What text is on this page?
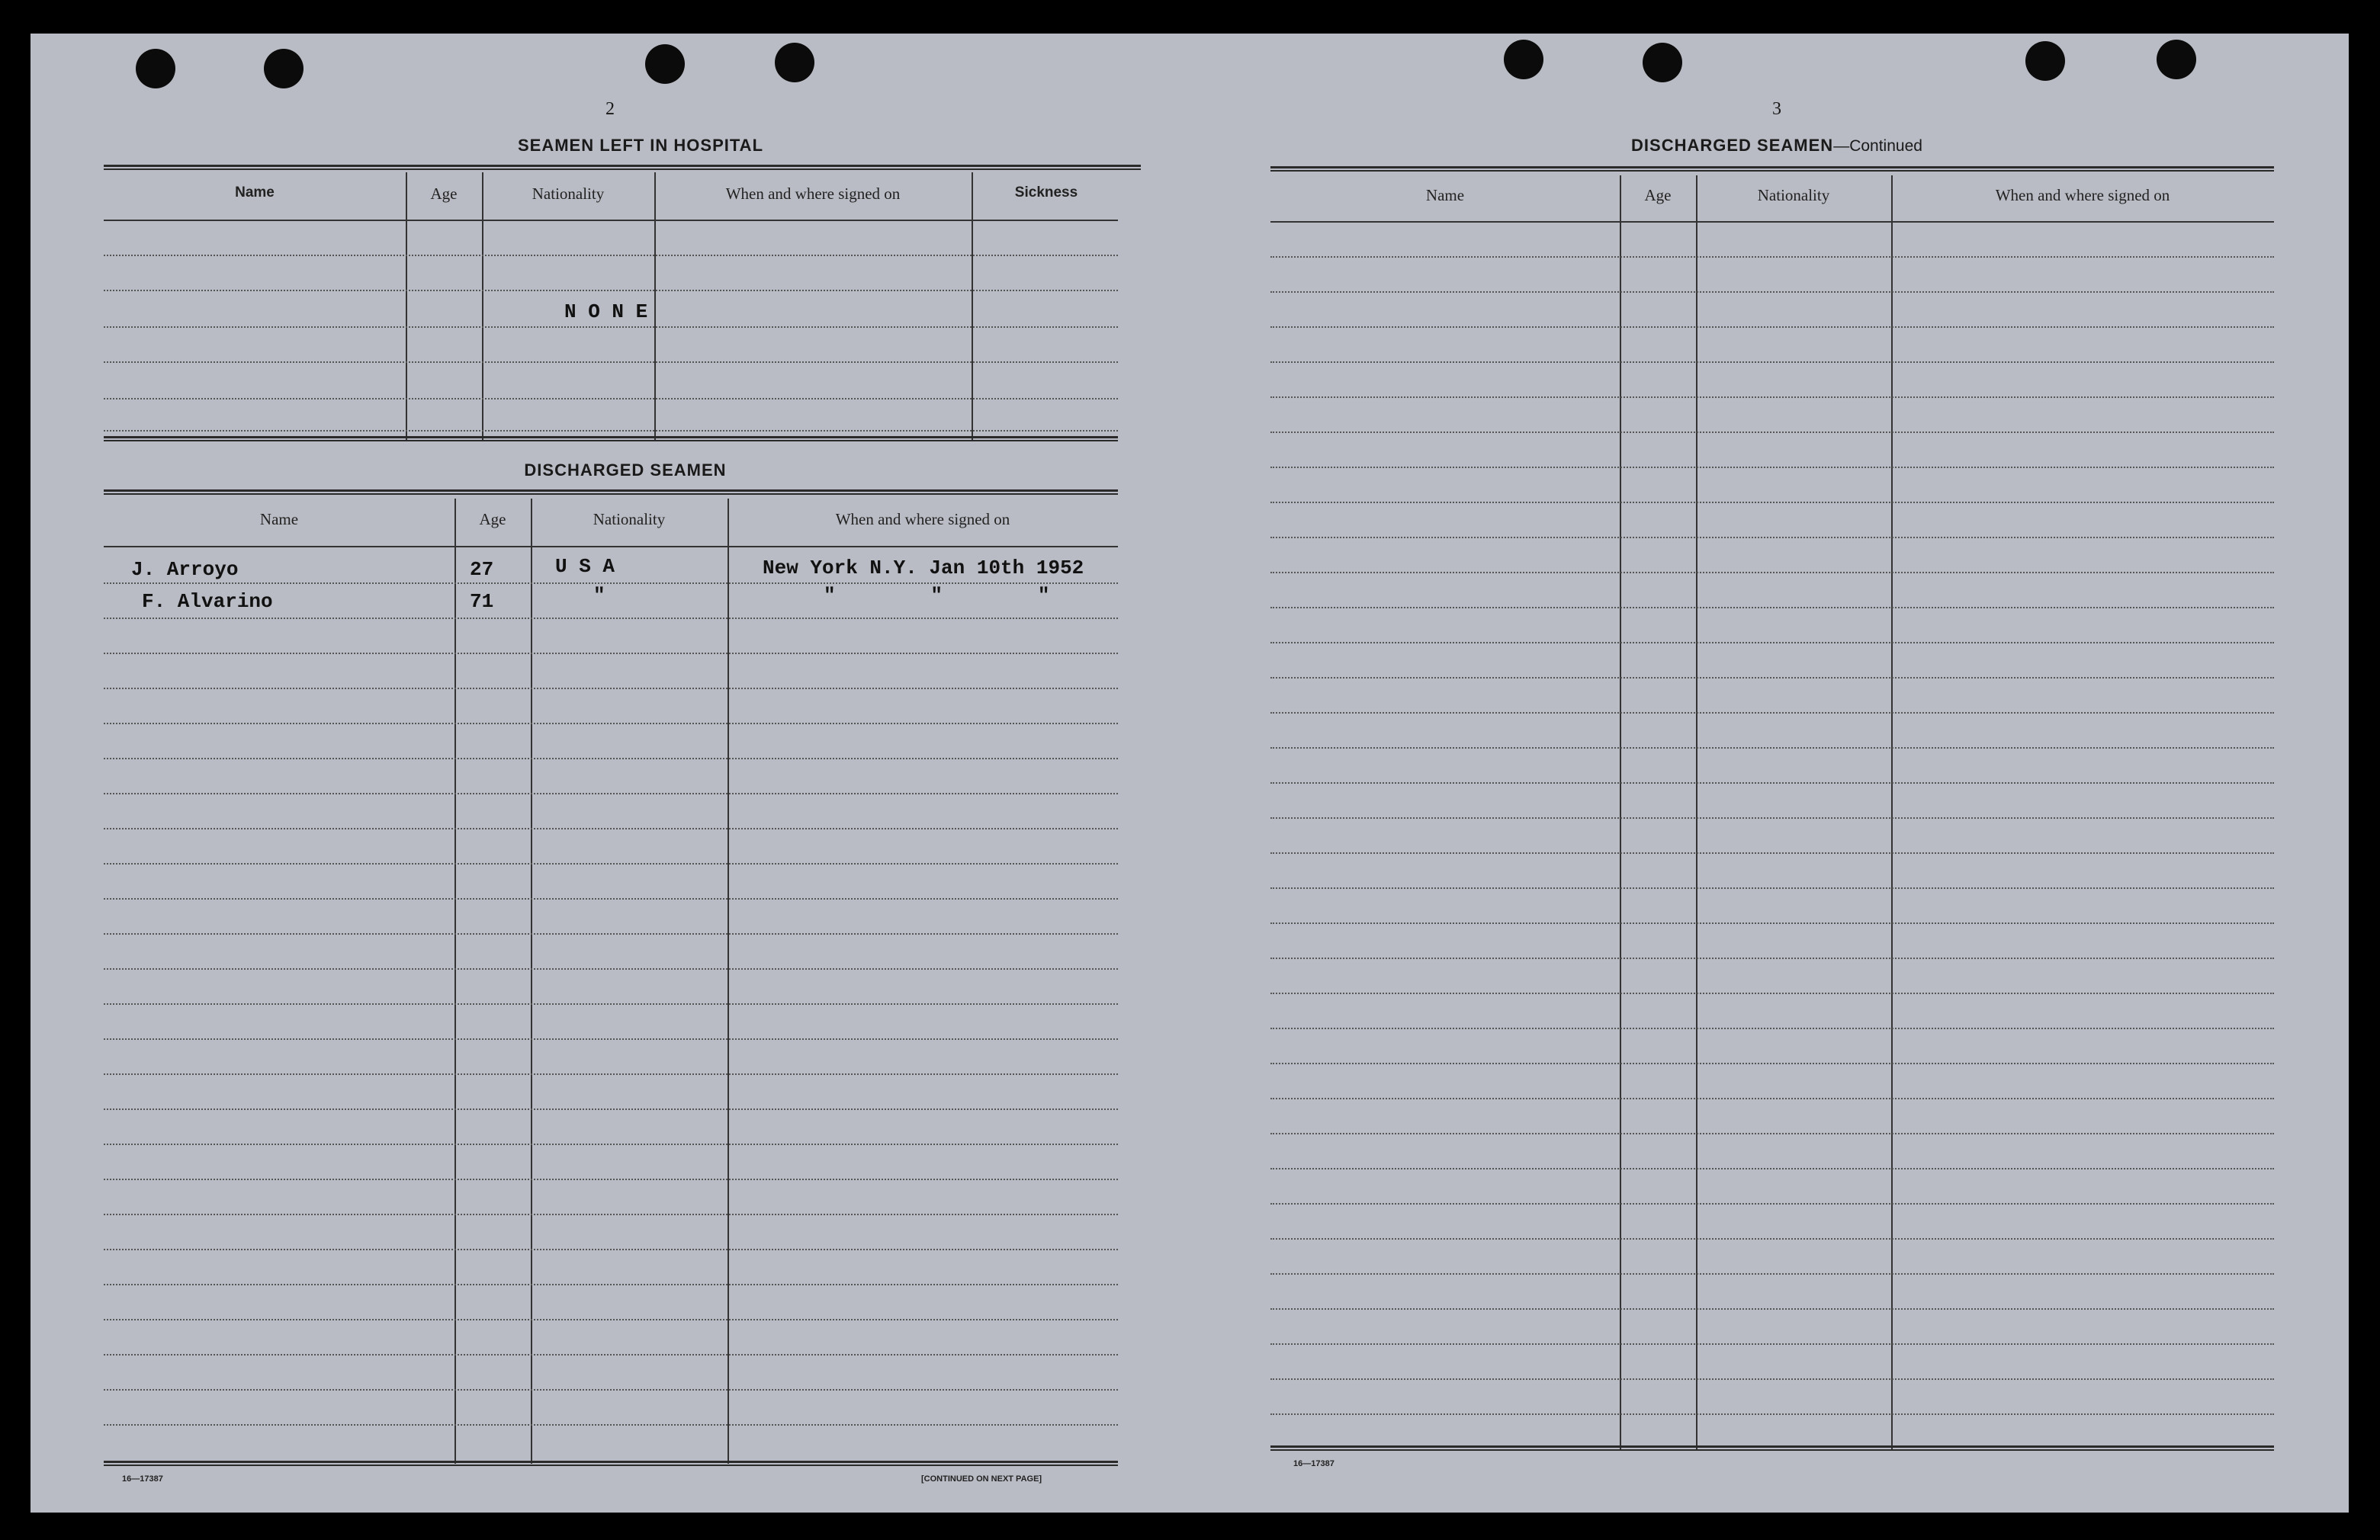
2
SEAMEN LEFT IN HOSPITAL
Name	Age	Nationality	When and where signed on	Sickness
N O N E
DISCHARGED SEAMEN
Name	Age	Nationality	When and where signed on
J. Arroyo	27	U S A	New York N.Y. Jan 10th 1952
F. Alvarino	71	"	"        "        "
16—17387	[CONTINUED ON NEXT PAGE]
3
DISCHARGED SEAMEN—Continued
Name	Age	Nationality	When and where signed on
16—17387
